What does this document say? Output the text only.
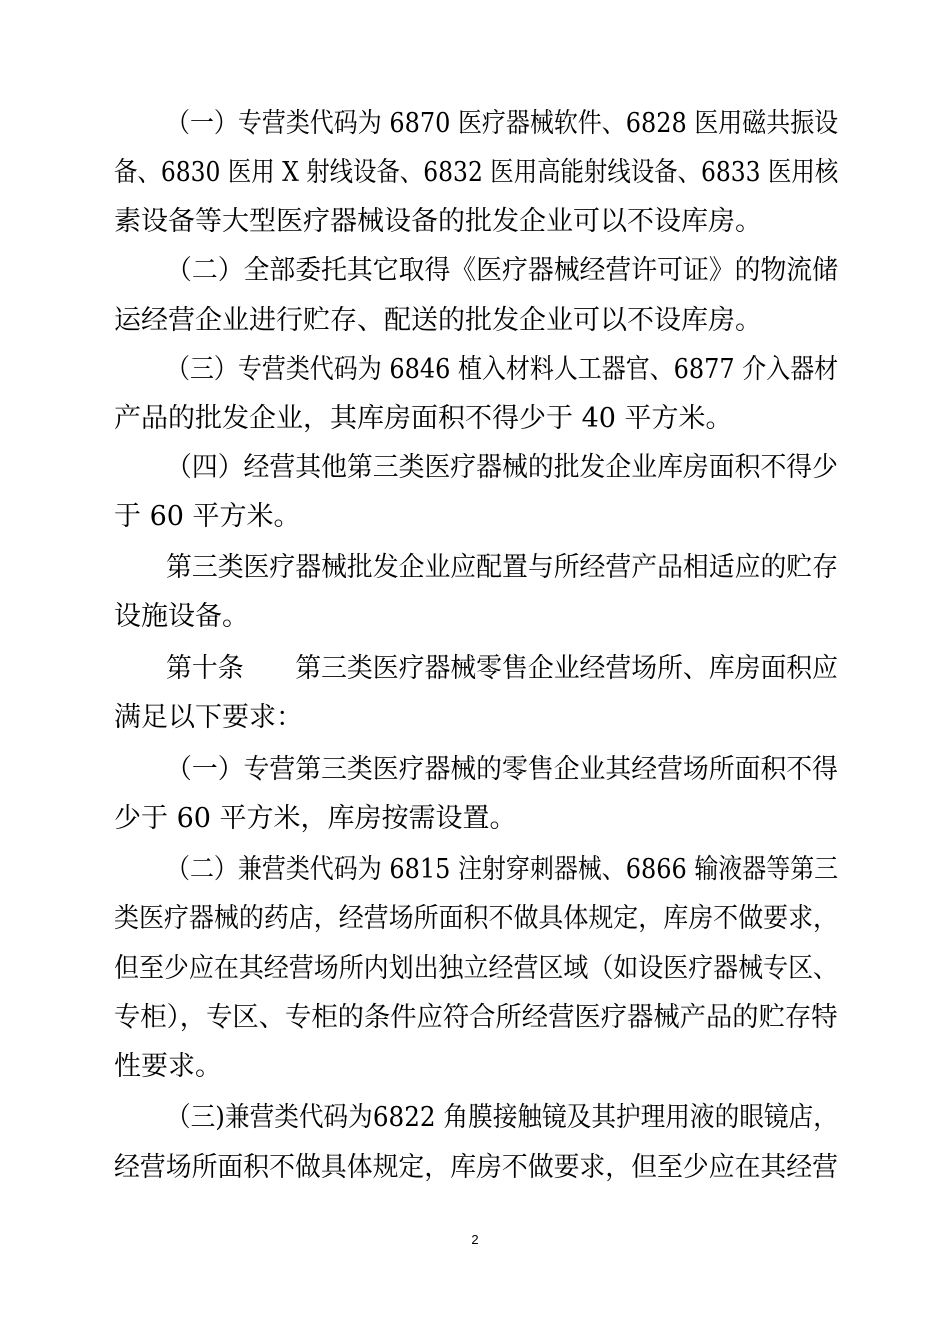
（一）专营类代码为 6870 医疗器械软件、6828 医用磁共振设
备、6830 医用 X 射线设备、6832 医用高能射线设备、6833 医用核
素设备等大型医疗器械设备的批发企业可以不设库房。
（二）全部委托其它取得《医疗器械经营许可证》的物流储
运经营企业进行贮存、配送的批发企业可以不设库房。
（三）专营类代码为 6846 植入材料人工器官、6877 介入器材
产品的批发企业，其库房面积不得少于 40 平方米。
（四）经营其他第三类医疗器械的批发企业库房面积不得少
于 60 平方米。
第三类医疗器械批发企业应配置与所经营产品相适应的贮存
设施设备。
第十条　　第三类医疗器械零售企业经营场所、库房面积应
满足以下要求：
（一）专营第三类医疗器械的零售企业其经营场所面积不得
少于 60 平方米，库房按需设置。
（二）兼营类代码为 6815 注射穿刺器械、6866 输液器等第三
类医疗器械的药店，经营场所面积不做具体规定，库房不做要求，
但至少应在其经营场所内划出独立经营区域（如设医疗器械专区、
专柜），专区、专柜的条件应符合所经营医疗器械产品的贮存特
性要求。
（三)兼营类代码为6822 角膜接触镜及其护理用液的眼镜店，
经营场所面积不做具体规定，库房不做要求，但至少应在其经营
2
